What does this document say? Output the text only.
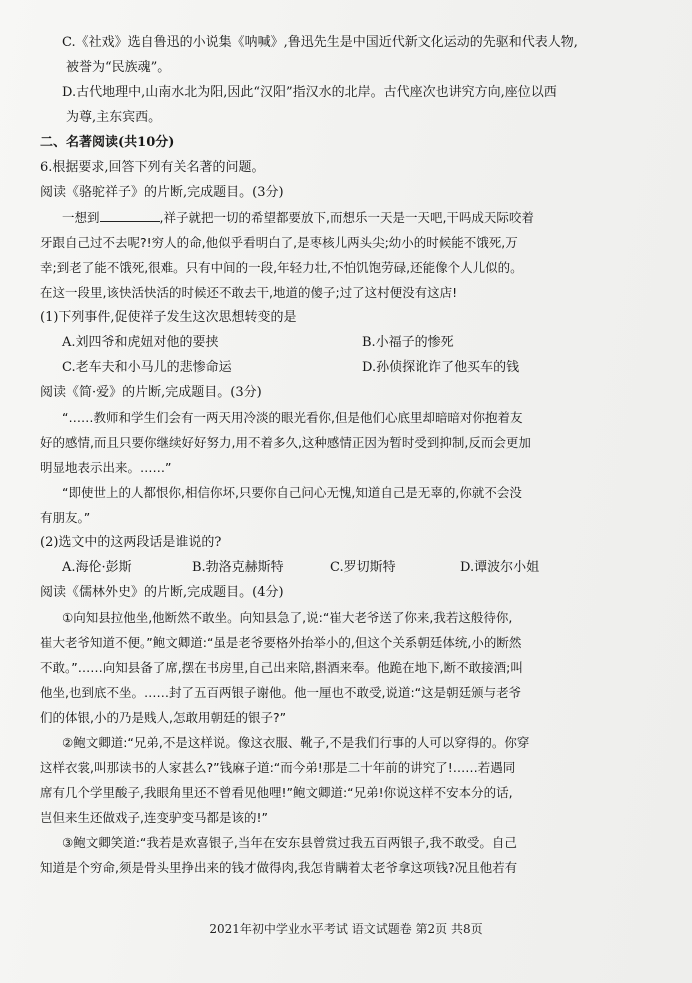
C.《社戏》选自鲁迅的小说集《呐喊》,鲁迅先生是中国近代新文化运动的先驱和代表人物,
被誉为“民族魂”。
D.古代地理中,山南水北为阳,因此“汉阳”指汉水的北岸。古代座次也讲究方向,座位以西
为尊,主东宾西。
二、名著阅读(共10分)
6.根据要求,回答下列有关名著的问题。
阅读《骆驼祥子》的片断,完成题目。(3分)
一想到	,祥子就把一切的希望都要放下,而想乐一天是一天吧,干吗成天际咬着
牙跟自己过不去呢?!穷人的命,他似乎看明白了,是枣核儿两头尖;幼小的时候能不饿死,万
幸;到老了能不饿死,很难。只有中间的一段,年轻力壮,不怕饥饱劳碌,还能像个人儿似的。
在这一段里,该快活快活的时候还不敢去干,地道的傻子;过了这村便没有这店!
(1)下列事件,促使祥子发生这次思想转变的是
A.刘四爷和虎妞对他的要挟	B.小福子的惨死
C.老车夫和小马儿的悲惨命运	D.孙侦探讹诈了他买车的钱
阅读《简·爱》的片断,完成题目。(3分)
“……教师和学生们会有一两天用冷淡的眼光看你,但是他们心底里却暗暗对你抱着友
好的感情,而且只要你继续好好努力,用不着多久,这种感情正因为暂时受到抑制,反而会更加
明显地表示出来。……”
“即使世上的人都恨你,相信你坏,只要你自己问心无愧,知道自己是无辜的,你就不会没
有朋友。”
(2)选文中的这两段话是谁说的?
A.海伦·彭斯	B.勃洛克赫斯特	C.罗切斯特	D.谭波尔小姐
阅读《儒林外史》的片断,完成题目。(4分)
①向知县拉他坐,他断然不敢坐。向知县急了,说:“崔大老爷送了你来,我若这般待你,
崔大老爷知道不便。”鲍文卿道:“虽是老爷要格外抬举小的,但这个关系朝廷体统,小的断然
不敢。”……向知县备了席,摆在书房里,自己出来陪,斟酒来奉。他跪在地下,断不敢接酒;叫
他坐,也到底不坐。……封了五百两银子谢他。他一厘也不敢受,说道:“这是朝廷颁与老爷
们的体银,小的乃是贱人,怎敢用朝廷的银子?”
②鲍文卿道:“兄弟,不是这样说。像这衣服、靴子,不是我们行事的人可以穿得的。你穿
这样衣裳,叫那读书的人家甚么?”钱麻子道:“而今弟!那是二十年前的讲究了!……若遇同
席有几个学里酸子,我眼角里还不曾看见他哩!”鲍文卿道:“兄弟!你说这样不安本分的话,
岂但来生还做戏子,连变驴变马都是该的!”
③鲍文卿笑道:“我若是欢喜银子,当年在安东县曾赏过我五百两银子,我不敢受。自己
知道是个穷命,须是骨头里挣出来的钱才做得肉,我怎肯瞒着太老爷拿这项钱?况且他若有
2021年初中学业水平考试 语文试题卷 第2页 共8页
